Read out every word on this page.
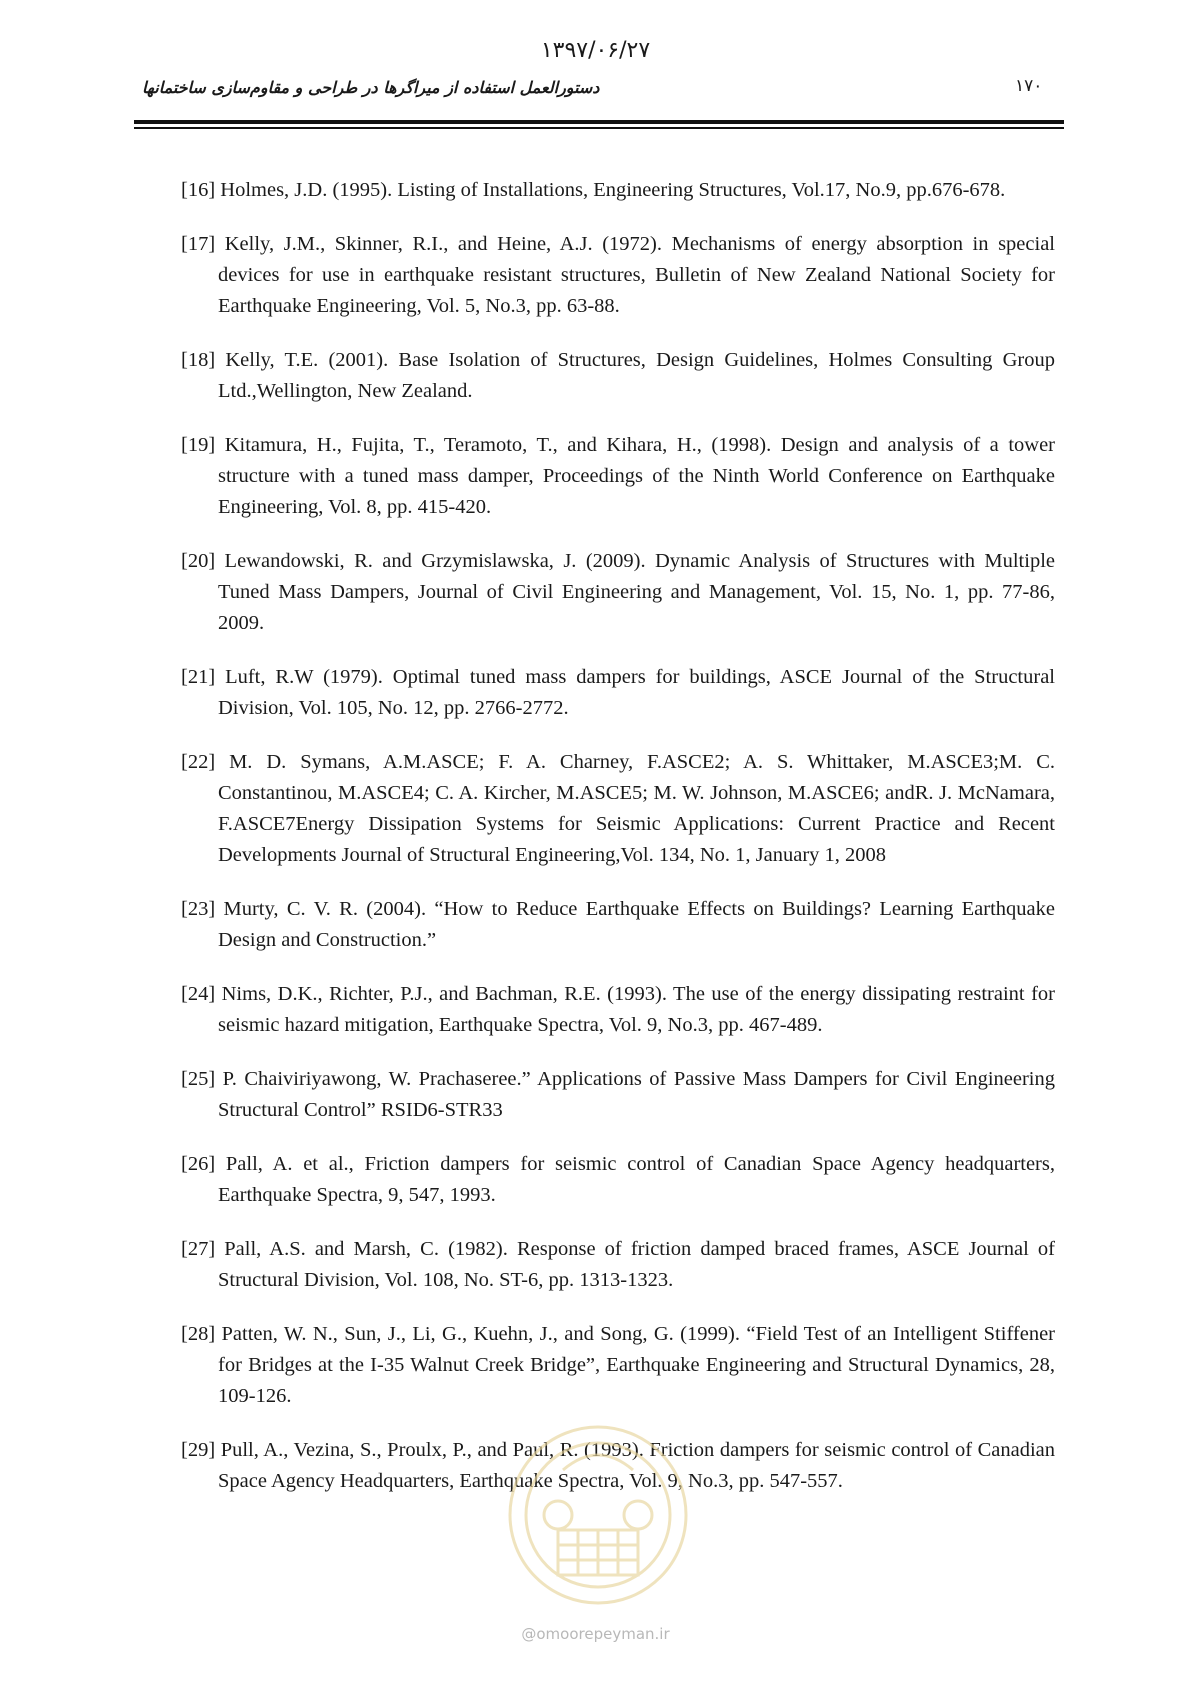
۱۳۹۷/۰۶/۲۷
دستورالعمل استفاده از میراگرها در طراحی و مقاوم‌سازی ساختمانها	۱۷۰
[16] Holmes, J.D. (1995). Listing of Installations, Engineering Structures, Vol.17, No.9, pp.676-678.
[17] Kelly, J.M., Skinner, R.I., and Heine, A.J. (1972). Mechanisms of energy absorption in special devices for use in earthquake resistant structures, Bulletin of New Zealand National Society for Earthquake Engineering, Vol. 5, No.3, pp. 63-88.
[18] Kelly, T.E. (2001). Base Isolation of Structures, Design Guidelines, Holmes Consulting Group Ltd.,Wellington, New Zealand.
[19] Kitamura, H., Fujita, T., Teramoto, T., and Kihara, H., (1998). Design and analysis of a tower structure with a tuned mass damper, Proceedings of the Ninth World Conference on Earthquake Engineering, Vol. 8, pp. 415-420.
[20] Lewandowski, R. and Grzymislawska, J. (2009). Dynamic Analysis of Structures with Multiple Tuned Mass Dampers, Journal of Civil Engineering and Management, Vol. 15, No. 1, pp. 77-86, 2009.
[21] Luft, R.W (1979). Optimal tuned mass dampers for buildings, ASCE Journal of the Structural Division, Vol. 105, No. 12, pp. 2766-2772.
[22] M. D. Symans, A.M.ASCE; F. A. Charney, F.ASCE2; A. S. Whittaker, M.ASCE3;M. C. Constantinou, M.ASCE4; C. A. Kircher, M.ASCE5; M. W. Johnson, M.ASCE6; andR. J. McNamara, F.ASCE7Energy Dissipation Systems for Seismic Applications: Current Practice and Recent Developments Journal of Structural Engineering,Vol. 134, No. 1, January 1, 2008
[23] Murty, C. V. R. (2004). “How to Reduce Earthquake Effects on Buildings? Learning Earthquake Design and Construction.”
[24] Nims, D.K., Richter, P.J., and Bachman, R.E. (1993). The use of the energy dissipating restraint for seismic hazard mitigation, Earthquake Spectra, Vol. 9, No.3, pp. 467-489.
[25] P. Chaiviriyawong, W. Prachaseree.” Applications of Passive Mass Dampers for Civil Engineering Structural Control” RSID6-STR33
[26] Pall, A. et al., Friction dampers for seismic control of Canadian Space Agency headquarters, Earthquake Spectra, 9, 547, 1993.
[27] Pall, A.S. and Marsh, C. (1982). Response of friction damped braced frames, ASCE Journal of Structural Division, Vol. 108, No. ST-6, pp. 1313-1323.
[28] Patten, W. N., Sun, J., Li, G., Kuehn, J., and Song, G. (1999). “Field Test of an Intelligent Stiffener for Bridges at the I-35 Walnut Creek Bridge”, Earthquake Engineering and Structural Dynamics, 28, 109-126.
[29] Pull, A., Vezina, S., Proulx, P., and Paul, R. (1993). Friction dampers for seismic control of Canadian Space Agency Headquarters, Earthquake Spectra, Vol. 9, No.3, pp. 547-557.
@omoorepeyman.ir
